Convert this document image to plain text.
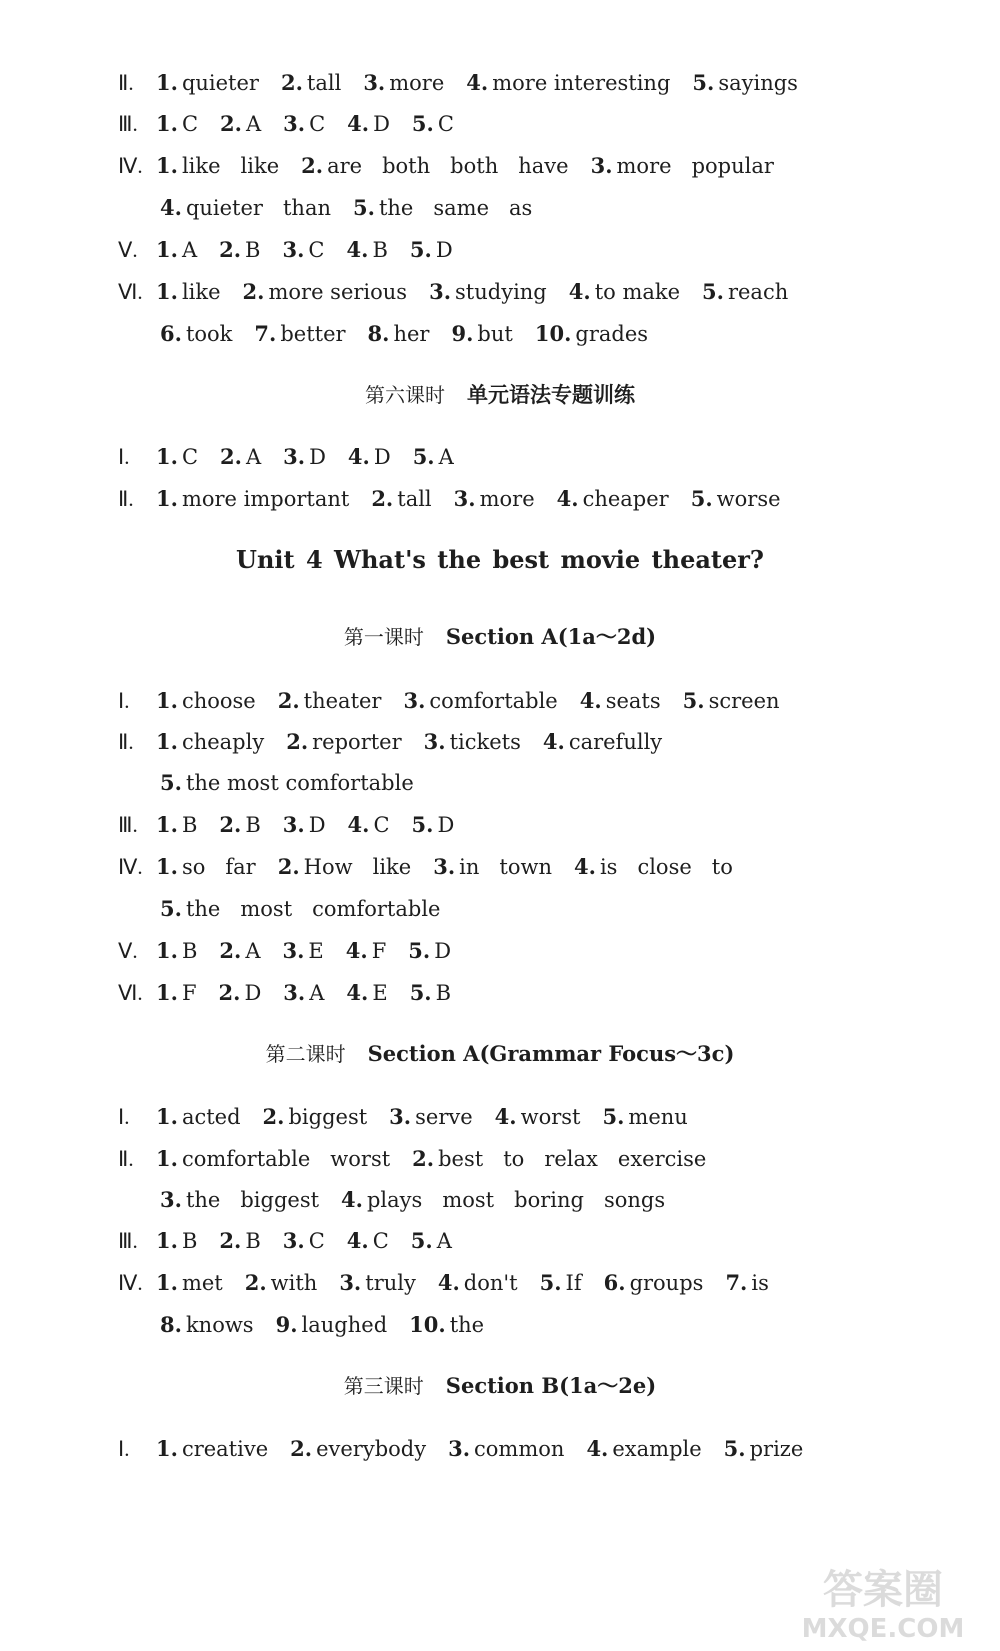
Ⅱ. 1. quieter 2. tall 3. more 4. more interesting 5. sayings
Ⅲ. 1. C 2. A 3. C 4. D 5. C
Ⅳ. 1. like   like 2. are   both   both   have 3. more   popular
4. quieter   than 5. the   same   as
Ⅴ. 1. A 2. B 3. C 4. B 5. D
Ⅵ. 1. like 2. more serious 3. studying 4. to make 5. reach
6. took 7. better 8. her 9. but 10. grades
第六课时 单元语法专题训练
Ⅰ. 1. C 2. A 3. D 4. D 5. A
Ⅱ. 1. more important 2. tall 3. more 4. cheaper 5. worse
Unit 4 What's the best movie theater?
第一课时 Section A(1a～2d)
Ⅰ. 1. choose 2. theater 3. comfortable 4. seats 5. screen
Ⅱ. 1. cheaply 2. reporter 3. tickets 4. carefully
5. the most comfortable
Ⅲ. 1. B 2. B 3. D 4. C 5. D
Ⅳ. 1. so   far 2. How   like 3. in   town 4. is   close   to
5. the   most   comfortable
Ⅴ. 1. B 2. A 3. E 4. F 5. D
Ⅵ. 1. F 2. D 3. A 4. E 5. B
第二课时 Section A(Grammar Focus～3c)
Ⅰ. 1. acted 2. biggest 3. serve 4. worst 5. menu
Ⅱ. 1. comfortable   worst 2. best   to   relax   exercise
3. the   biggest 4. plays   most   boring   songs
Ⅲ. 1. B 2. B 3. C 4. C 5. A
Ⅳ. 1. met 2. with 3. truly 4. don't 5. If 6. groups 7. is
8. knows 9. laughed 10. the
第三课时 Section B(1a～2e)
Ⅰ. 1. creative 2. everybody 3. common 4. example 5. prize
答案圈
MXQE.COM
